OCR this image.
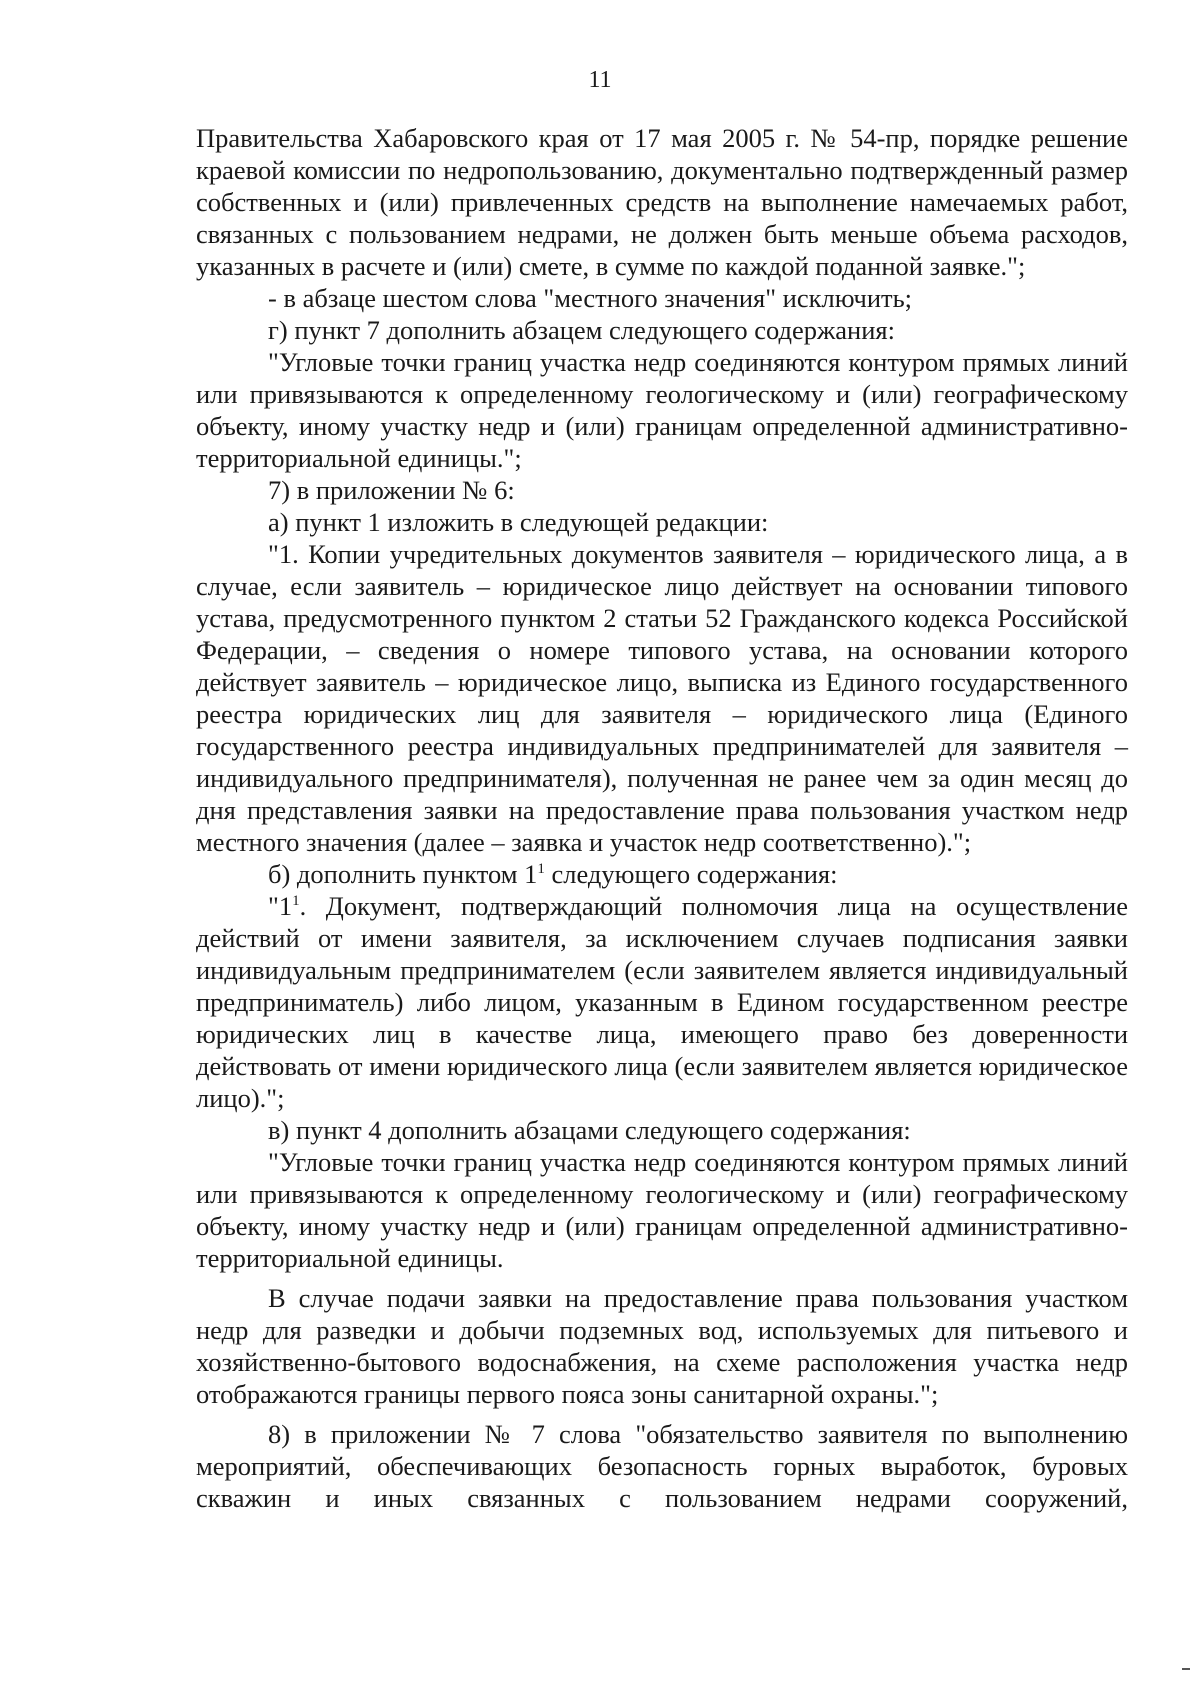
11

Правительства Хабаровского края от 17 мая 2005 г. № 54-пр, порядке решение краевой комиссии по недропользованию, документально подтвержденный размер собственных и (или) привлеченных средств на выполнение намечаемых работ, связанных с пользованием недрами, не должен быть меньше объема расходов, указанных в расчете и (или) смете, в сумме по каждой поданной заявке.";

- в абзаце шестом слова "местного значения" исключить;

г) пункт 7 дополнить абзацем следующего содержания:

"Угловые точки границ участка недр соединяются контуром прямых линий или привязываются к определенному геологическому и (или) географическому объекту, иному участку недр и (или) границам определенной административно-территориальной единицы.";

7) в приложении № 6:

а) пункт 1 изложить в следующей редакции:

"1. Копии учредительных документов заявителя – юридического лица, а в случае, если заявитель – юридическое лицо действует на основании типового устава, предусмотренного пунктом 2 статьи 52 Гражданского кодекса Российской Федерации, – сведения о номере типового устава, на основании которого действует заявитель – юридическое лицо, выписка из Единого государственного реестра юридических лиц для заявителя – юридического лица (Единого государственного реестра индивидуальных предпринимателей для заявителя – индивидуального предпринимателя), полученная не ранее чем за один месяц до дня представления заявки на предоставление права пользования участком недр местного значения (далее – заявка и участок недр соответственно).";

б) дополнить пунктом $1^1$ следующего содержания:

"$1^1$. Документ, подтверждающий полномочия лица на осуществление действий от имени заявителя, за исключением случаев подписания заявки индивидуальным предпринимателем (если заявителем является индивидуальный предприниматель) либо лицом, указанным в Едином государственном реестре юридических лиц в качестве лица, имеющего право без доверенности действовать от имени юридического лица (если заявителем является юридическое лицо).";

в) пункт 4 дополнить абзацами следующего содержания:

"Угловые точки границ участка недр соединяются контуром прямых линий или привязываются к определенному геологическому и (или) географическому объекту, иному участку недр и (или) границам определенной административно-территориальной единицы.

В случае подачи заявки на предоставление права пользования участком недр для разведки и добычи подземных вод, используемых для питьевого и хозяйственно-бытового водоснабжения, на схеме расположения участка недр отображаются границы первого пояса зоны санитарной охраны.";

8) в приложении № 7 слова "обязательство заявителя по выполнению мероприятий, обеспечивающих безопасность горных выработок, буровых скважин и иных связанных с пользованием недрами сооружений,
